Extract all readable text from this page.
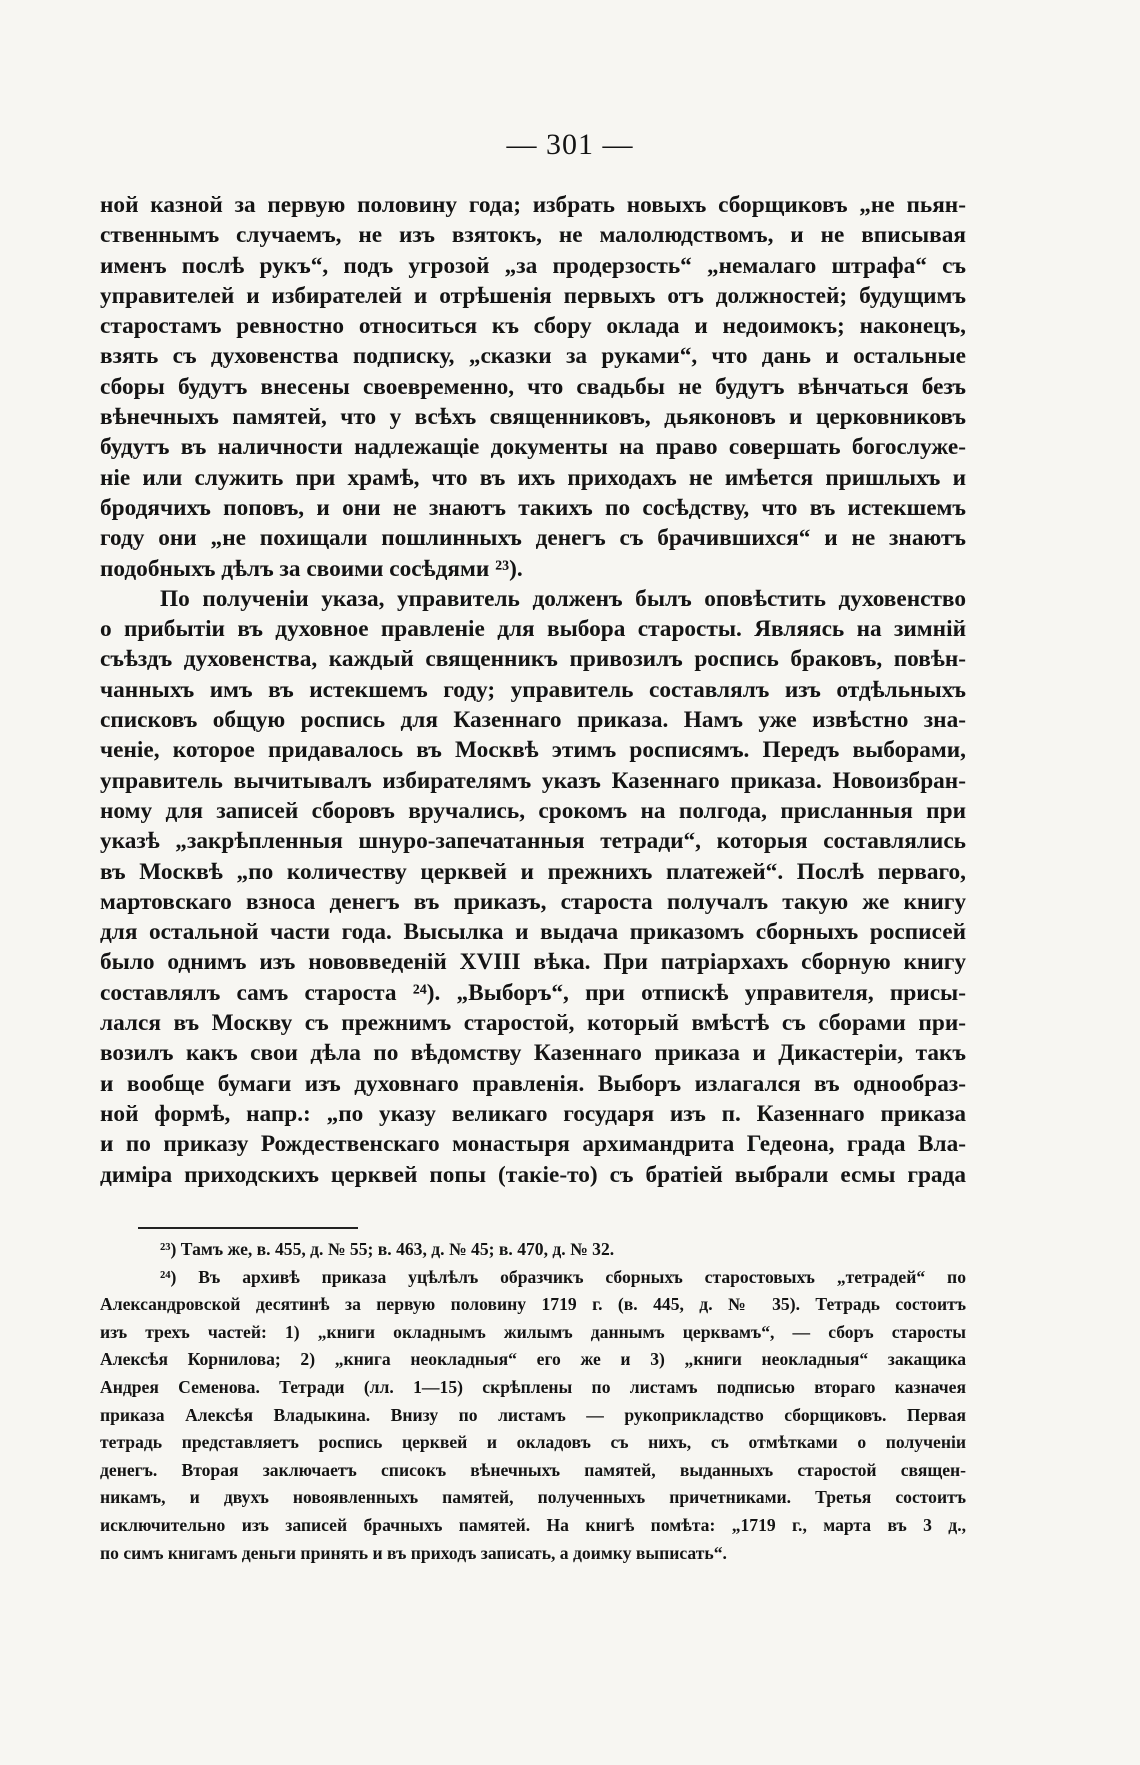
— 301 —
ной казной за первую половину года; избрать новыхъ сборщиковъ „не пьян-
ственнымъ случаемъ, не изъ взятокъ, не малолюдствомъ, и не вписывая
именъ послѣ рукъ“, подъ угрозой „за продерзость“ „немалаго штрафа“ съ
управителей и избирателей и отрѣшенія первыхъ отъ должностей; будущимъ
старостамъ ревностно относиться къ сбору оклада и недоимокъ; наконецъ,
взять съ духовенства подписку, „сказки за руками“, что дань и остальные
сборы будутъ внесены своевременно, что свадьбы не будутъ вѣнчаться безъ
вѣнечныхъ памятей, что у всѣхъ священниковъ, дьяконовъ и церковниковъ
будутъ въ наличности надлежащіе документы на право совершать богослуже-
ніе или служить при храмѣ, что въ ихъ приходахъ не имѣется пришлыхъ и
бродячихъ поповъ, и они не знаютъ такихъ по сосѣдству, что въ истекшемъ
году они „не похищали пошлинныхъ денегъ съ брачившихся“ и не знаютъ
подобныхъ дѣлъ за своими сосѣдями ²³).
По полученіи указа, управитель долженъ былъ оповѣстить духовенство
о прибытіи въ духовное правленіе для выбора старосты. Являясь на зимній
съѣздъ духовенства, каждый священникъ привозилъ роспись браковъ, повѣн-
чанныхъ имъ въ истекшемъ году; управитель составлялъ изъ отдѣльныхъ
списковъ общую роспись для Казеннаго приказа. Намъ уже извѣстно зна-
ченіе, которое придавалось въ Москвѣ этимъ росписямъ. Передъ выборами,
управитель вычитывалъ избирателямъ указъ Казеннаго приказа. Новоизбран-
ному для записей сборовъ вручались, срокомъ на полгода, присланныя при
указѣ „закрѣпленныя шнуро-запечатанныя тетради“, которыя составлялись
въ Москвѣ „по количеству церквей и прежнихъ платежей“. Послѣ перваго,
мартовскаго взноса денегъ въ приказъ, староста получалъ такую же книгу
для остальной части года. Высылка и выдача приказомъ сборныхъ росписей
было однимъ изъ нововведеній XVIII вѣка. При патріархахъ сборную книгу
составлялъ самъ староста ²⁴). „Выборъ“, при отпискѣ управителя, присы-
лался въ Москву съ прежнимъ старостой, который вмѣстѣ съ сборами при-
возилъ какъ свои дѣла по вѣдомству Казеннаго приказа и Дикастеріи, такъ
и вообще бумаги изъ духовнаго правленія. Выборъ излагался въ однообраз-
ной формѣ, напр.: „по указу великаго государя изъ п. Казеннаго приказа
и по приказу Рождественскаго монастыря архимандрита Гедеона, града Вла-
диміра приходскихъ церквей попы (такіе-то) съ братіей выбрали есмы града
²³) Тамъ же, в. 455, д. № 55; в. 463, д. № 45; в. 470, д. № 32.
²⁴) Въ архивѣ приказа уцѣлѣлъ образчикъ сборныхъ старостовыхъ „тетрадей“ по
Александровской десятинѣ за первую половину 1719 г. (в. 445, д. № 35). Тетрадь состоитъ
изъ трехъ частей: 1) „книги окладнымъ жилымъ даннымъ церквамъ“, — сборъ старосты
Алексѣя Корнилова; 2) „книга неокладныя“ его же и 3) „книги неокладныя“ закащика
Андрея Семенова. Тетради (лл. 1—15) скрѣплены по листамъ подписью втораго казначея
приказа Алексѣя Владыкина. Внизу по листамъ — рукоприкладство сборщиковъ. Первая
тетрадь представляетъ роспись церквей и окладовъ съ нихъ, съ отмѣтками о полученіи
денегъ. Вторая заключаетъ списокъ вѣнечныхъ памятей, выданныхъ старостой священ-
никамъ, и двухъ новоявленныхъ памятей, полученныхъ причетниками. Третья состоитъ
исключительно изъ записей брачныхъ памятей. На книгѣ помѣта: „1719 г., марта въ 3 д.,
по симъ книгамъ деньги принять и въ приходъ записать, а доимку выписать“.
